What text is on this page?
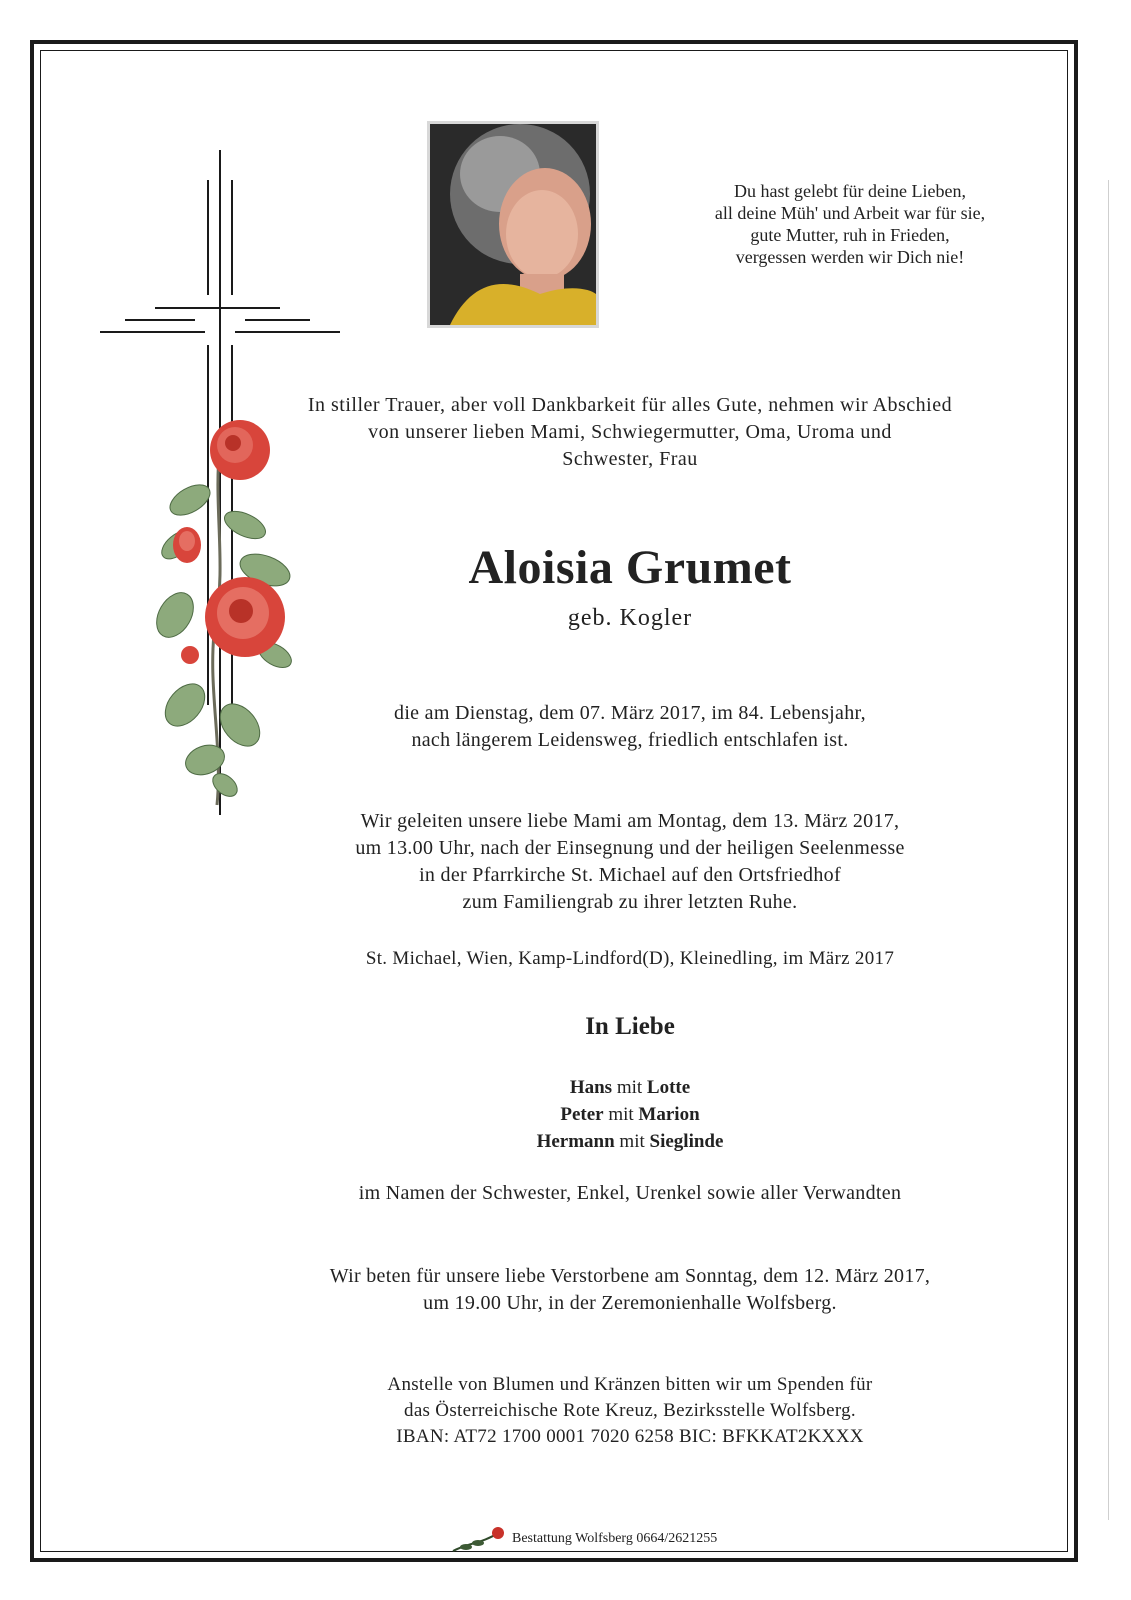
Du hast gelebt für deine Lieben,
all deine Müh' und Arbeit war für sie,
gute Mutter, ruh in Frieden,
vergessen werden wir Dich nie!
In stiller Trauer, aber voll Dankbarkeit für alles Gute, nehmen wir Abschied
von unserer lieben Mami, Schwiegermutter, Oma, Uroma und
Schwester, Frau
Aloisia Grumet
geb. Kogler
die am Dienstag, dem 07. März 2017, im 84. Lebensjahr,
nach längerem Leidensweg, friedlich entschlafen ist.
Wir geleiten unsere liebe Mami am Montag, dem 13. März 2017,
um 13.00 Uhr, nach der Einsegnung und der heiligen Seelenmesse
in der Pfarrkirche St. Michael auf den Ortsfriedhof
zum Familiengrab zu ihrer letzten Ruhe.
St. Michael, Wien, Kamp-Lindford(D), Kleinedling, im März 2017
In Liebe
Hans mit Lotte
Peter mit Marion
Hermann mit Sieglinde
im Namen der Schwester, Enkel, Urenkel sowie aller Verwandten
Wir beten für unsere liebe Verstorbene am Sonntag, dem 12. März 2017,
um 19.00 Uhr, in der Zeremonienhalle Wolfsberg.
Anstelle von Blumen und Kränzen bitten wir um Spenden für
das Österreichische Rote Kreuz, Bezirksstelle Wolfsberg.
IBAN: AT72 1700 0001 7020 6258 BIC: BFKKAT2KXXX
Bestattung Wolfsberg 0664/2621255
